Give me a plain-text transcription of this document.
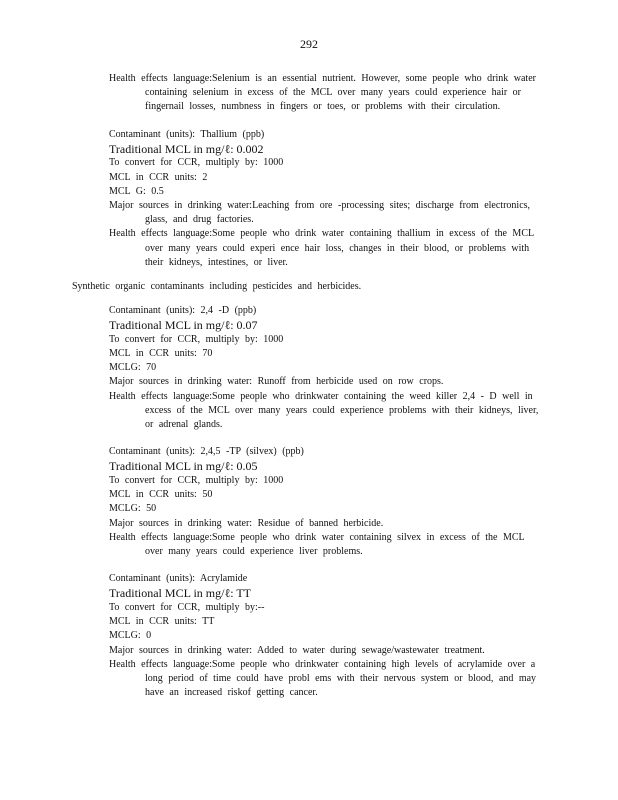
292
Health effects language:Selenium is an essential nutrient. However, some people who drink water containing selenium in excess of the MCL over many years could experience hair or fingernail losses, numbness in fingers or toes, or problems with their circulation.
Contaminant (units): Thallium (ppb)
Traditional MCL in mg/ℓ: 0.002
To convert for CCR, multiply by: 1000
MCL in CCR units: 2
MCL G: 0.5
Major sources in drinking water:Leaching from ore -processing sites; discharge from electronics, glass, and drug factories.
Health effects language:Some people who drink water containing thallium in excess of the MCL over many years could experi ence hair loss, changes in their blood, or problems with their kidneys, intestines, or liver.
Synthetic organic contaminants including pesticides and herbicides.
Contaminant (units): 2,4 -D (ppb)
Traditional MCL in mg/ℓ: 0.07
To convert for CCR, multiply by: 1000
MCL in CCR units: 70
MCLG: 70
Major sources in drinking water: Runoff from herbicide used on row crops.
Health effects language:Some people who drinkwater containing the weed killer 2,4 - D well in excess of the MCL over many years could experience problems with their kidneys, liver, or adrenal glands.
Contaminant (units): 2,4,5 -TP (silvex) (ppb)
Traditional MCL in mg/ℓ: 0.05
To convert for CCR, multiply by: 1000
MCL in CCR units: 50
MCLG: 50
Major sources in drinking water: Residue of banned herbicide.
Health effects language:Some people who drink water containing silvex in excess of the MCL over many years could experience liver problems.
Contaminant (units): Acrylamide
Traditional MCL in mg/ℓ: TT
To convert for CCR, multiply by:--
MCL in CCR units: TT
MCLG: 0
Major sources in drinking water: Added to water during sewage/wastewater treatment.
Health effects language:Some people who drinkwater containing high levels of acrylamide over a long period of time could have probl ems with their nervous system or blood, and may have an increased riskof getting cancer.
